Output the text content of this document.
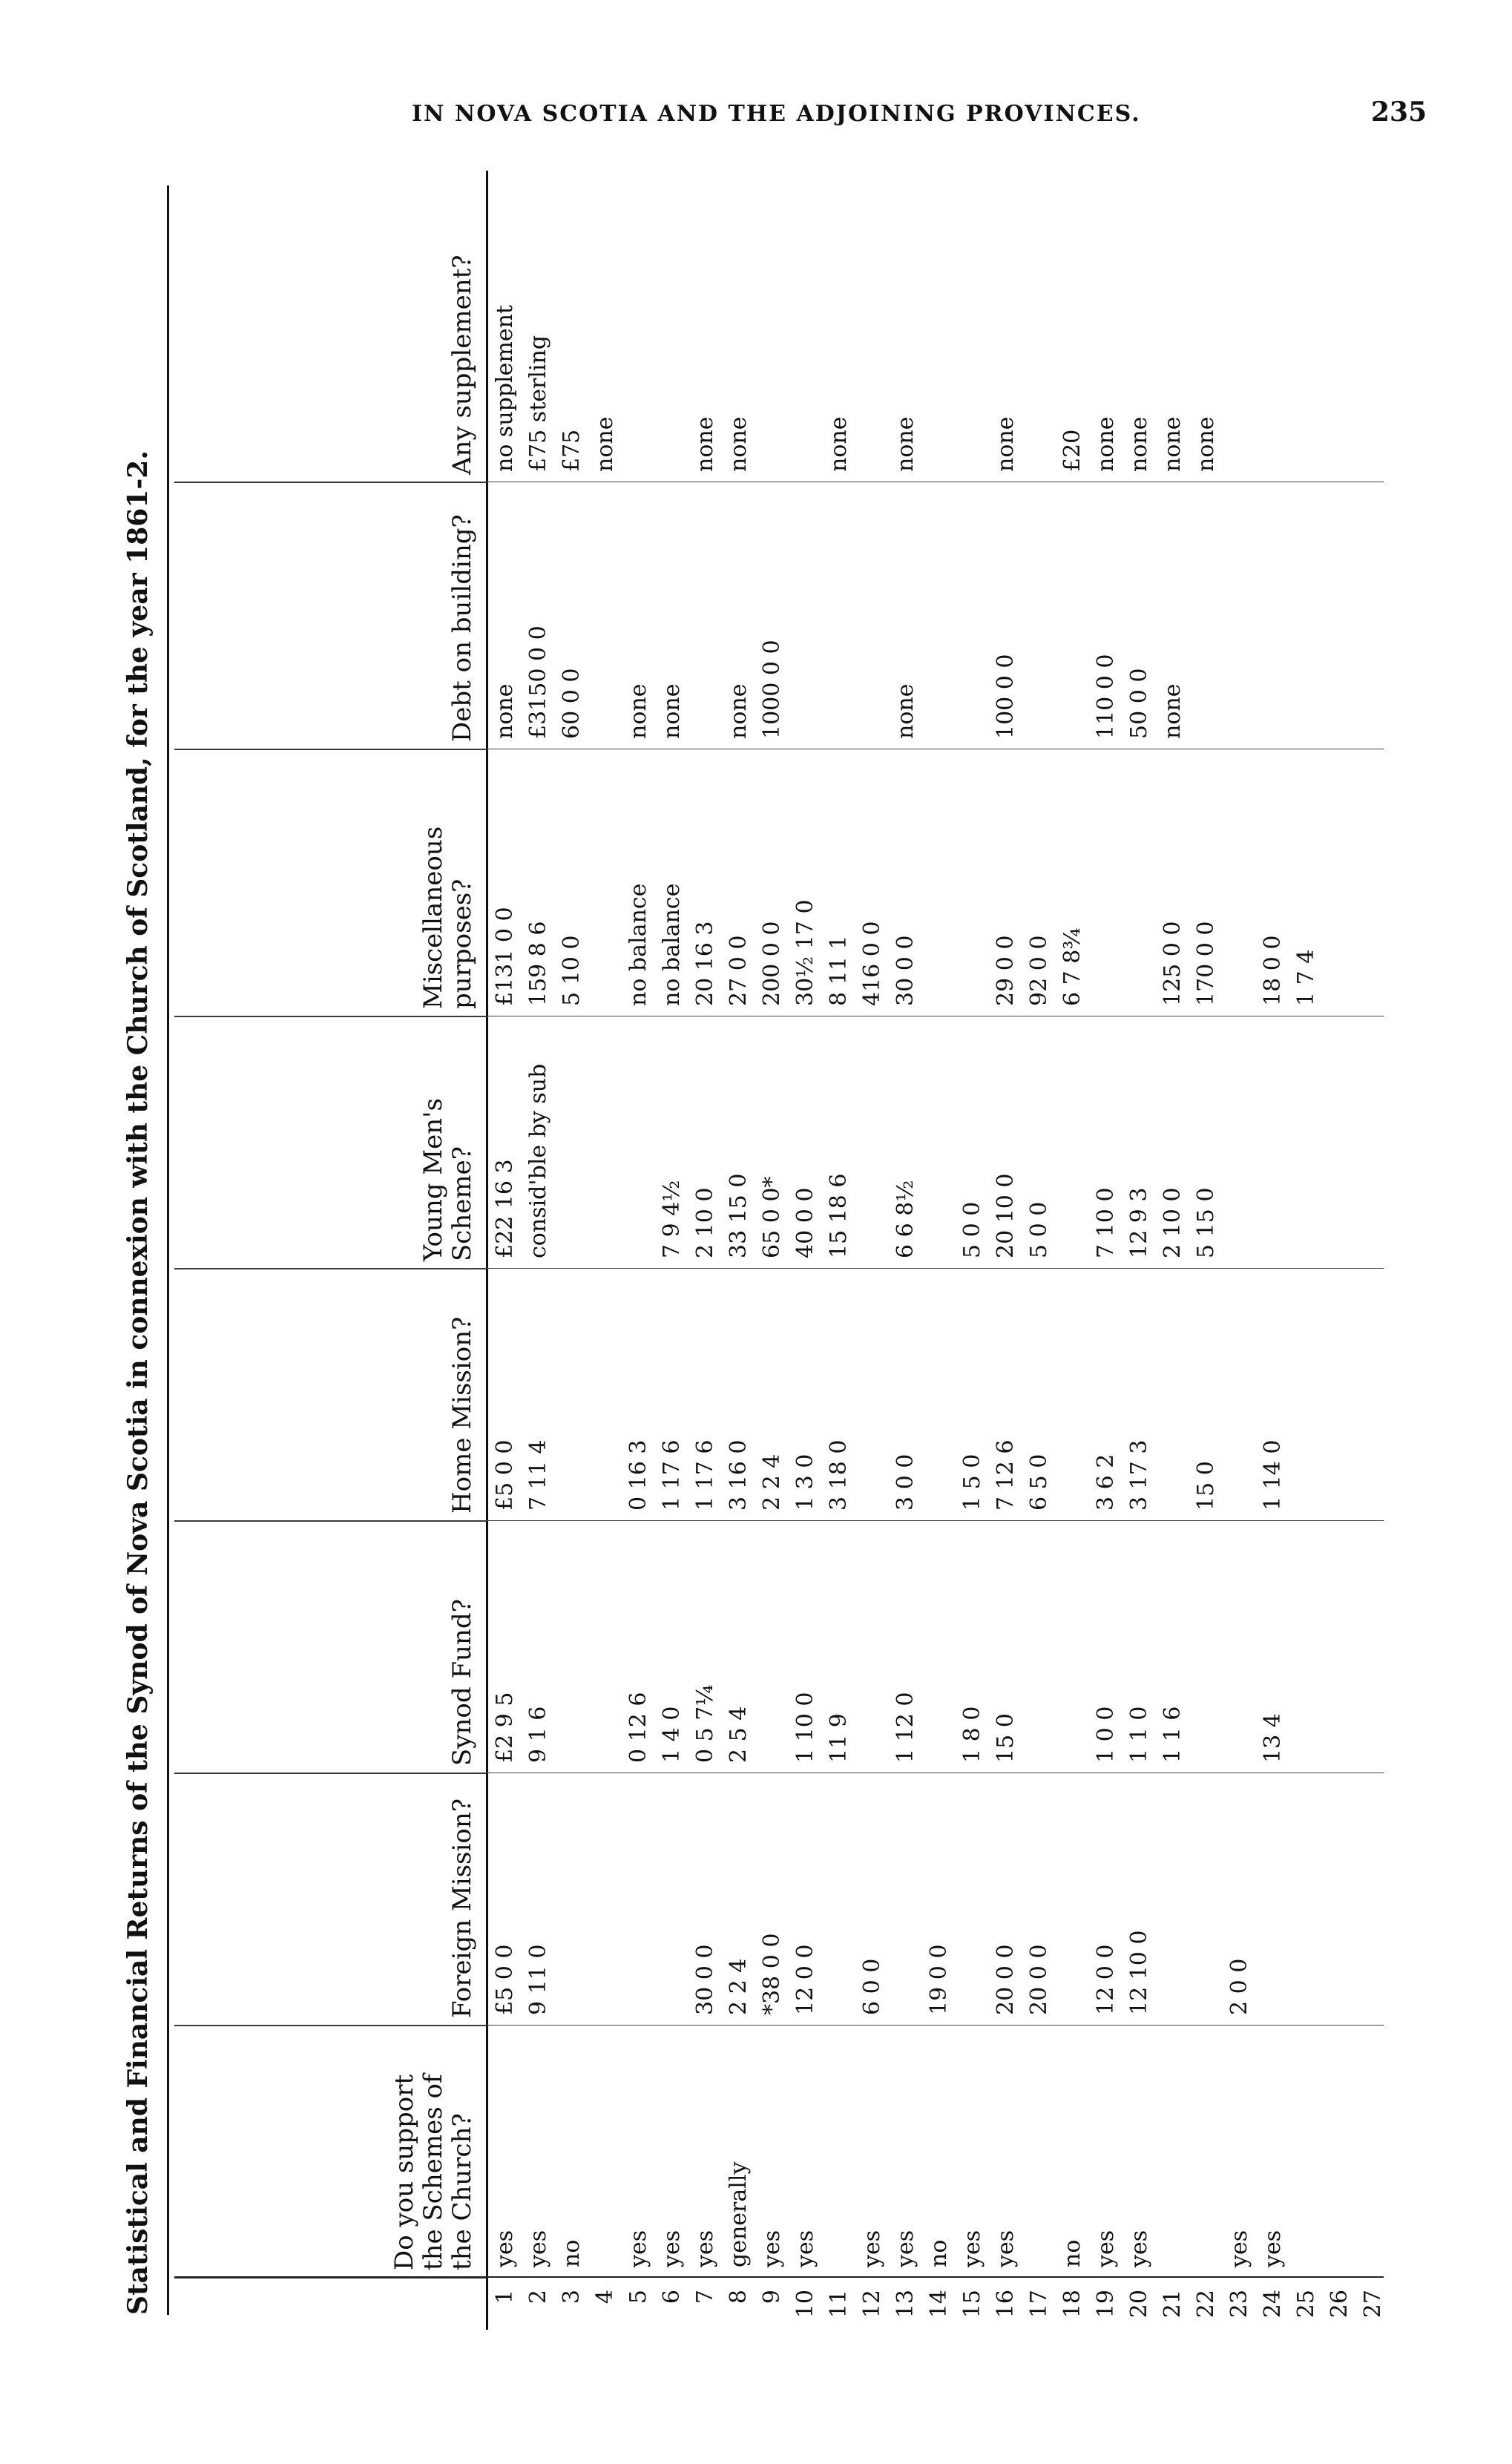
IN NOVA SCOTIA AND THE ADJOINING PROVINCES.	235
Statistical and Financial Returns of the Synod of Nova Scotia in connexion with the Church of Scotland, for the year 1861-2.	Do you support the Schemes of the Church?
Foreign Mission?
Synod Fund?
Home Mission?
Young Men's Scheme?
Miscellaneous purposes?
Debt on building?
Any supplement?
1
yes
£5 0 0
£2 9 5
£5 0 0
£22 16 3
£131 0 0
none
no supplement
2
yes
9 11 0
9 1 6
7 11 4
consid'ble by sub
159 8 6
£3150 0 0
£75 sterling
3
no
5 10 0
60 0 0
£75
4
none
5
yes
0 12 6
0 16 3
no balance
none
6
yes
1 4 0
1 17 6
7 9 4½
no balance
none
7
yes
30 0 0
0 5 7¼
1 17 6
2 10 0
20 16 3
none
8
generally
2 2 4
2 5 4
3 16 0
33 15 0
27 0 0
none
none
9
yes
*38 0 0
2 2 4
65 0 0*
200 0 0
1000 0 0
10
yes
12 0 0
1 10 0
1 3 0
40 0 0
30½ 17 0
11
11 9
3 18 0
15 18 6
8 11 1
none
12
yes
6 0 0
416 0 0
13
yes
1 12 0
3 0 0
6 6 8½
30 0 0
none
none
14
no
19 0 0
15
yes
1 8 0
1 5 0
5 0 0
16
yes
20 0 0
15 0
7 12 6
20 10 0
29 0 0
100 0 0
none
17
20 0 0
6 5 0
5 0 0
92 0 0
18
no
6 7 8¾
£20
19
yes
12 0 0
1 0 0
3 6 2
7 10 0
110 0 0
none
20
yes
12 10 0
1 1 0
3 17 3
12 9 3
50 0 0
none
21
1 1 6
2 10 0
125 0 0
none
none
22
15 0
5 15 0
170 0 0
none
23
yes
2 0 0
24
yes
13 4
1 14 0
18 0 0
25
1 7 4
26 27
